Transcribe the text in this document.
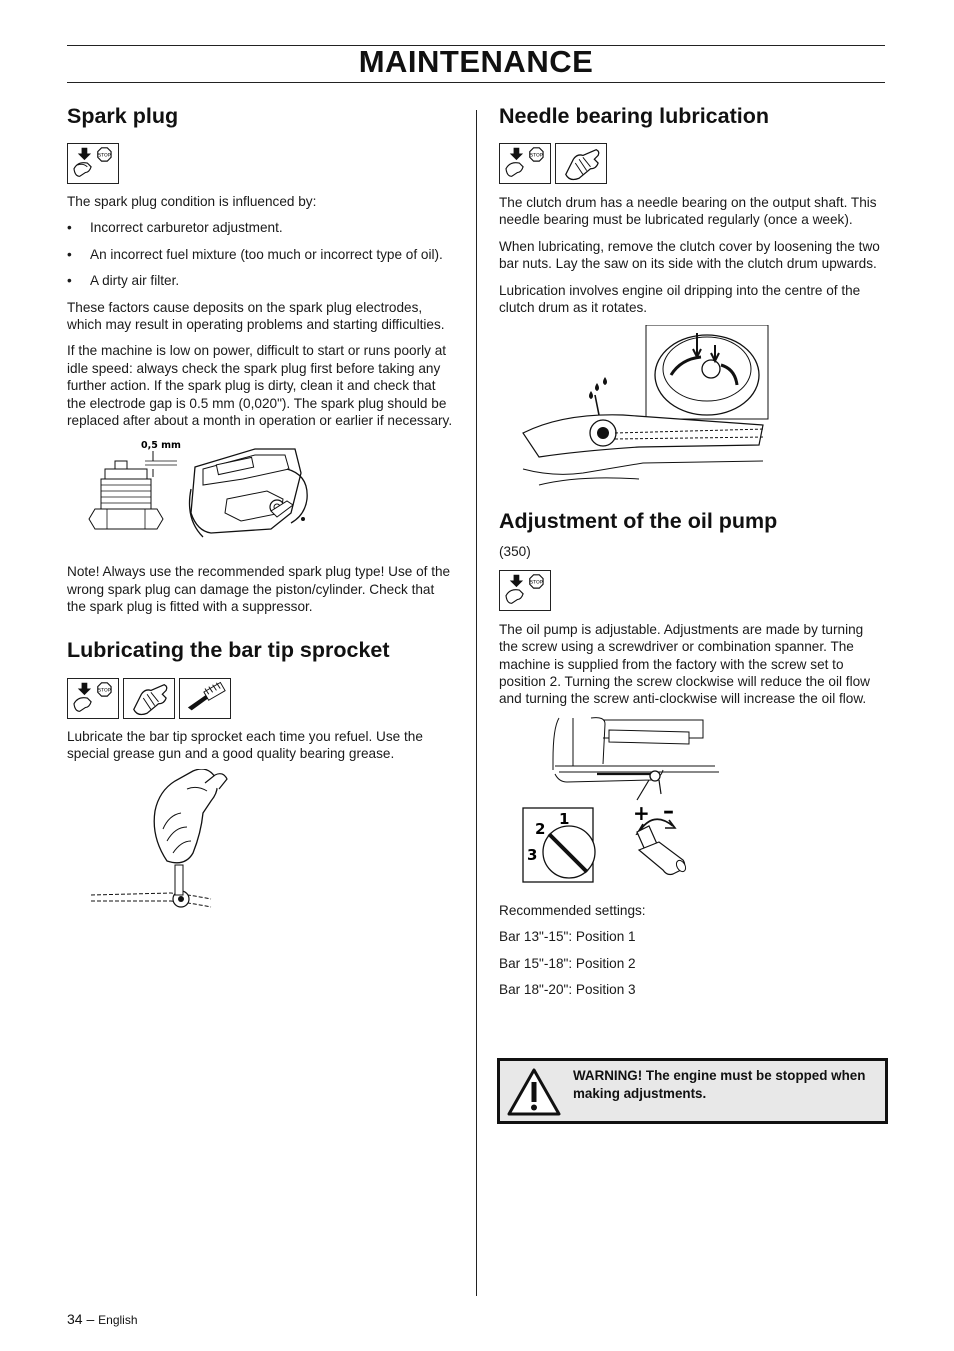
MAINTENANCE
Spark plug
STOP

The spark plug condition is influenced by:

• Incorrect carburetor adjustment.
• An incorrect fuel mixture (too much or incorrect type of oil).
• A dirty air filter.

These factors cause deposits on the spark plug electrodes, which may result in operating problems and starting difficulties.

If the machine is low on power, difficult to start or runs poorly at idle speed: always check the spark plug first before taking any further action. If the spark plug is dirty, clean it and check that the electrode gap is 0.5 mm (0,020"). The spark plug should be replaced after about a month in operation or earlier if necessary.

0,5 mm

Note! Always use the recommended spark plug type! Use of the wrong spark plug can damage the piston/cylinder. Check that the spark plug is fitted with a suppressor.

Lubricating the bar tip sprocket
STOP

Lubricate the bar tip sprocket each time you refuel. Use the special grease gun and a good quality bearing grease.

Needle bearing lubrication
STOP

The clutch drum has a needle bearing on the output shaft. This needle bearing must be lubricated regularly (once a week).

When lubricating, remove the clutch cover by loosening the two bar nuts. Lay the saw on its side with the clutch drum upwards.

Lubrication involves engine oil dripping into the centre of the clutch drum as it rotates.

Adjustment of the oil pump

(350)

STOP

The oil pump is adjustable. Adjustments are made by turning the screw using a screwdriver or combination spanner. The machine is supplied from the factory with the screw set to position 2. Turning the screw clockwise will reduce the oil flow and turning the screw anti-clockwise will increase the oil flow.

+ –
1
2
3

Recommended settings:

Bar 13"-15": Position 1

Bar 15"-18": Position 2

Bar 18"-20": Position 3

WARNING! The engine must be stopped when making adjustments.
34 – English
